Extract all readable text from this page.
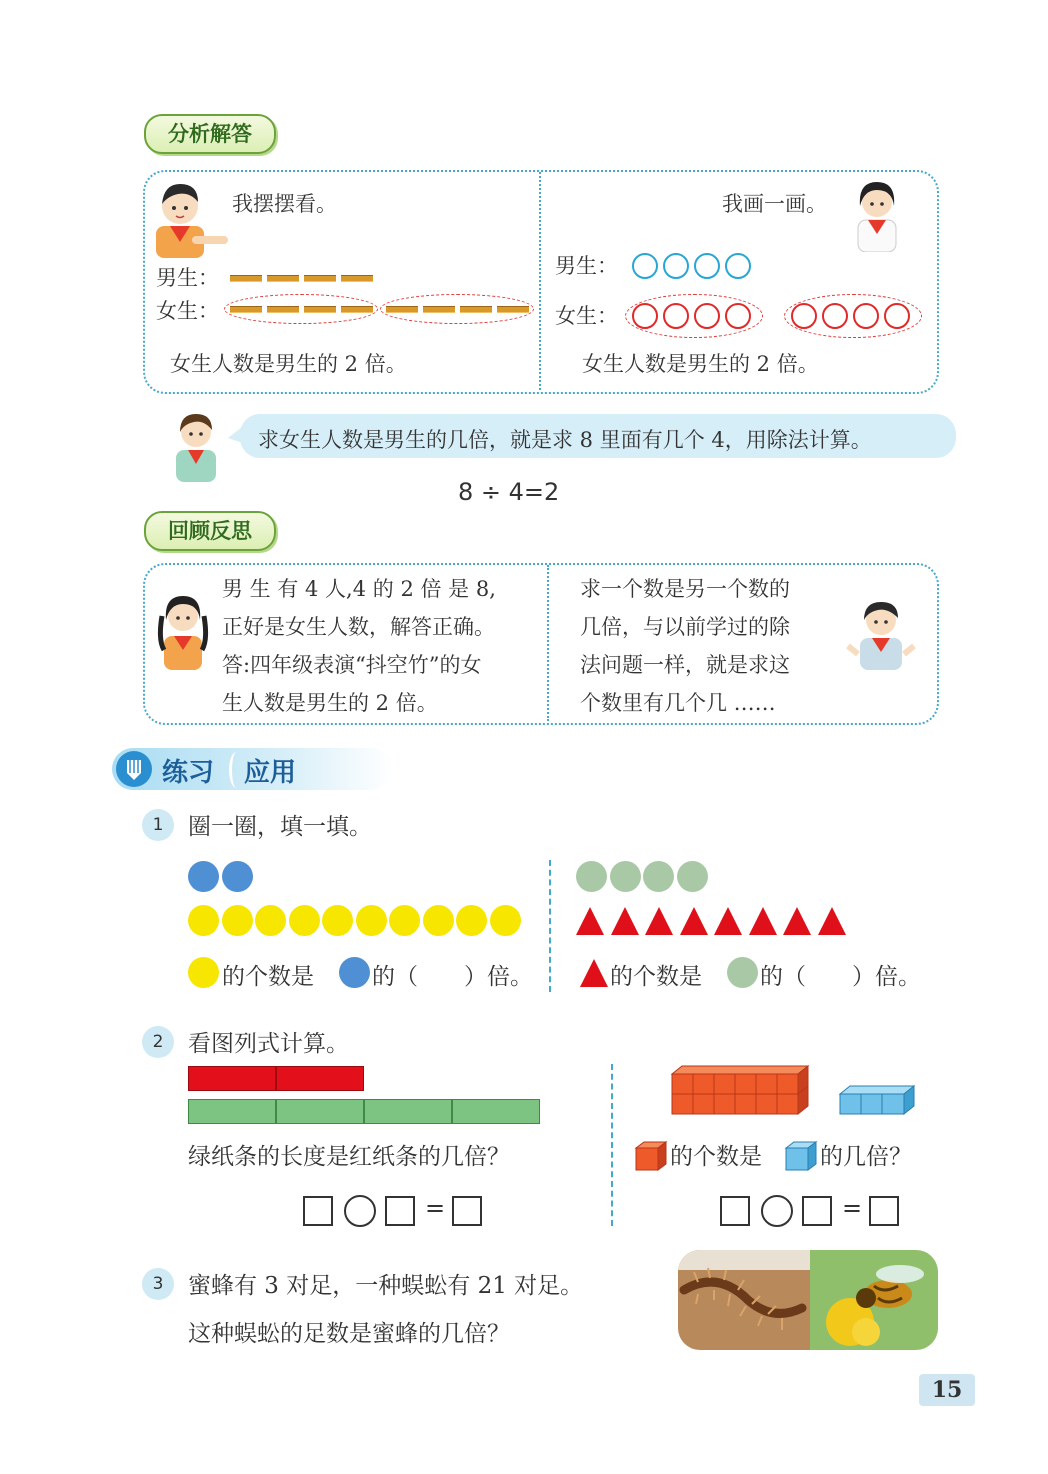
分析解答
我摆摆看。
男生：
女生：
女生人数是男生的 2 倍。
我画一画。
男生：
女生：
女生人数是男生的 2 倍。
求女生人数是男生的几倍，就是求 8 里面有几个 4，用除法计算。
8 ÷ 4=2
回顾反思
男 生 有 4 人,4 的 2 倍 是 8,
正好是女生人数，解答正确。
答:四年级表演“抖空竹”的女
生人数是男生的 2 倍。
求一个数是另一个数的
几倍，与以前学过的除
法问题一样，就是求这
个数里有几个几 ……
练习 应用
1	圈一圈，填一填。
的个数是	的（　　）倍。	的个数是	的（　　）倍。
2	看图列式计算。
绿纸条的长度是红纸条的几倍？
=
的个数是	的几倍？
=
3	蜜蜂有 3 对足，一种蜈蚣有 21 对足。
这种蜈蚣的足数是蜜蜂的几倍？
15
